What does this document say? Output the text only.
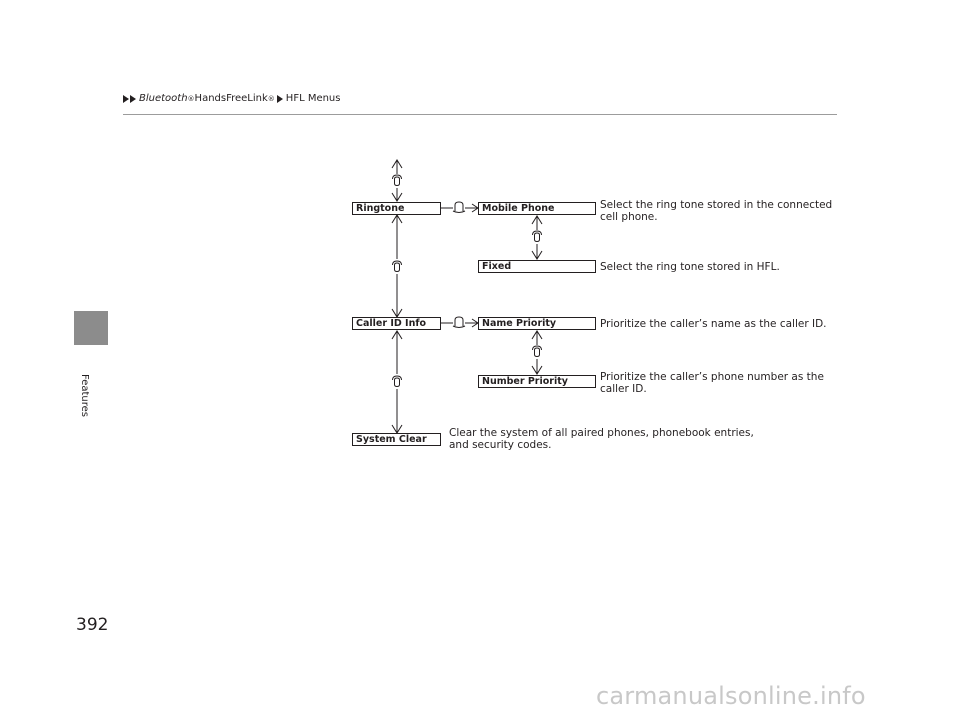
Bluetooth ® HandsFreeLink ® HFL Menus
Features
392
Ringtone	Mobile Phone
Fixed
Caller ID Info	Name Priority
Number Priority
System Clear
Select the ring tone stored in the connected
cell phone.
Select the ring tone stored in HFL.
Prioritize the caller’s name as the caller ID.
Prioritize the caller’s phone number as the
caller ID.
Clear the system of all paired phones, phonebook entries,
and security codes.
carmanualsonline.info
